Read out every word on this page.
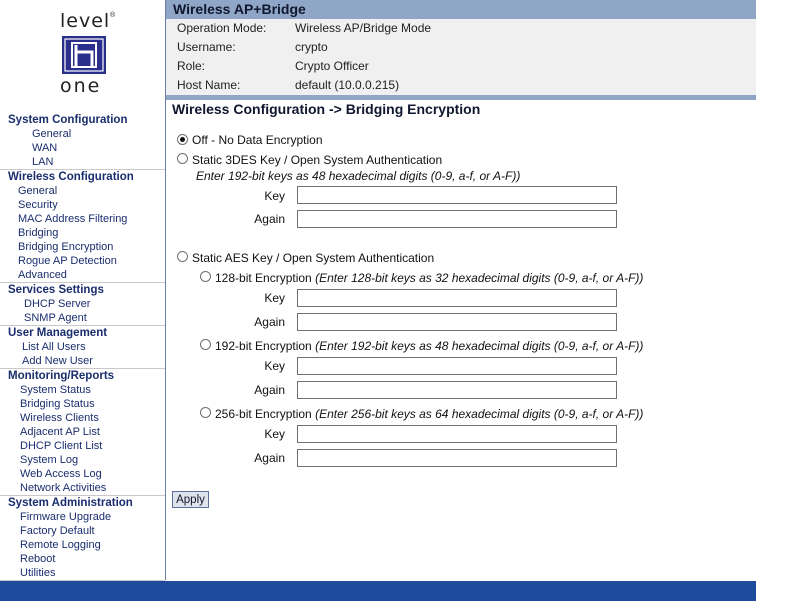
level ®
one
System Configuration
General
WAN
LAN
Wireless Configuration
General
Security
MAC Address Filtering
Bridging
Bridging Encryption
Rogue AP Detection
Advanced
Services Settings
DHCP Server
SNMP Agent
User Management
List All Users
Add New User
Monitoring/Reports
System Status
Bridging Status
Wireless Clients
Adjacent AP List
DHCP Client List
System Log
Web Access Log
Network Activities
System Administration
Firmware Upgrade
Factory Default
Remote Logging
Reboot
Utilities
Wireless AP+Bridge
Operation Mode:	Wireless AP/Bridge Mode
Username:	crypto
Role:	Crypto Officer
Host Name:	default (10.0.0.215)
Wireless Configuration -> Bridging Encryption
Off - No Data Encryption
Static 3DES Key / Open System Authentication
Enter 192-bit keys as 48 hexadecimal digits (0-9, a-f, or A-F))
Key
Again
Static AES Key / Open System Authentication
128-bit Encryption (Enter 128-bit keys as 32 hexadecimal digits (0-9, a-f, or A-F))
Key
Again
192-bit Encryption (Enter 192-bit keys as 48 hexadecimal digits (0-9, a-f, or A-F))
Key
Again
256-bit Encryption (Enter 256-bit keys as 64 hexadecimal digits (0-9, a-f, or A-F))
Key
Again
Apply
